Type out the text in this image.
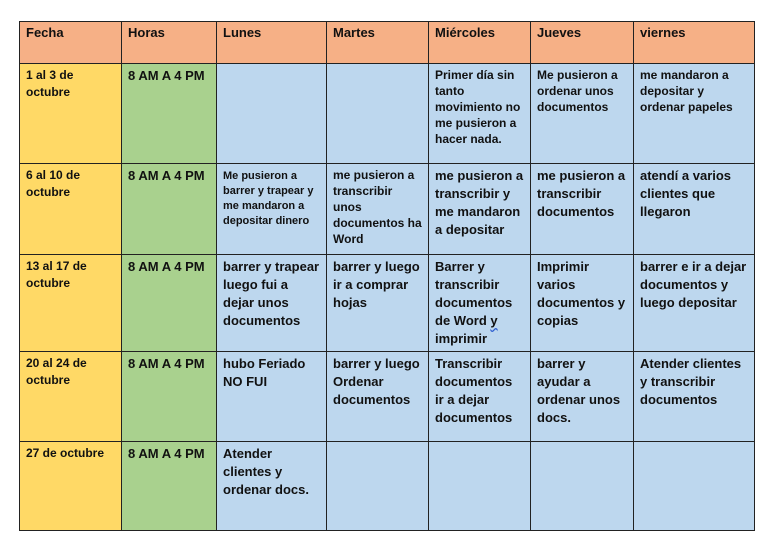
Fecha	Horas	Lunes	Martes	Miércoles	Jueves	viernes
1 al 3 de octubre	8 AM A 4 PM			Primer día sin tanto movimiento no me pusieron a hacer nada.	Me pusieron a ordenar unos documentos	me mandaron a depositar y ordenar papeles
6 al 10 de octubre	8 AM A 4 PM	Me pusieron a barrer y trapear y me mandaron a depositar dinero	me pusieron a transcribir unos documentos ha Word	me pusieron a transcribir y me mandaron a depositar	me pusieron a transcribir documentos	atendí a varios clientes que llegaron
13 al 17 de octubre	8 AM A 4 PM	barrer y trapear luego fui a dejar unos documentos	barrer y luego ir a comprar hojas	Barrer y transcribir documentos de Word y imprimir	Imprimir varios documentos y copias	barrer e ir a dejar documentos y luego depositar
20 al 24 de octubre	8 AM A 4 PM	hubo Feriado NO FUI	barrer y luego Ordenar documentos	Transcribir documentos ir a dejar documentos	barrer y ayudar a ordenar unos docs.	Atender clientes y transcribir documentos
27 de octubre	8 AM A 4 PM	Atender clientes y ordenar docs.				
